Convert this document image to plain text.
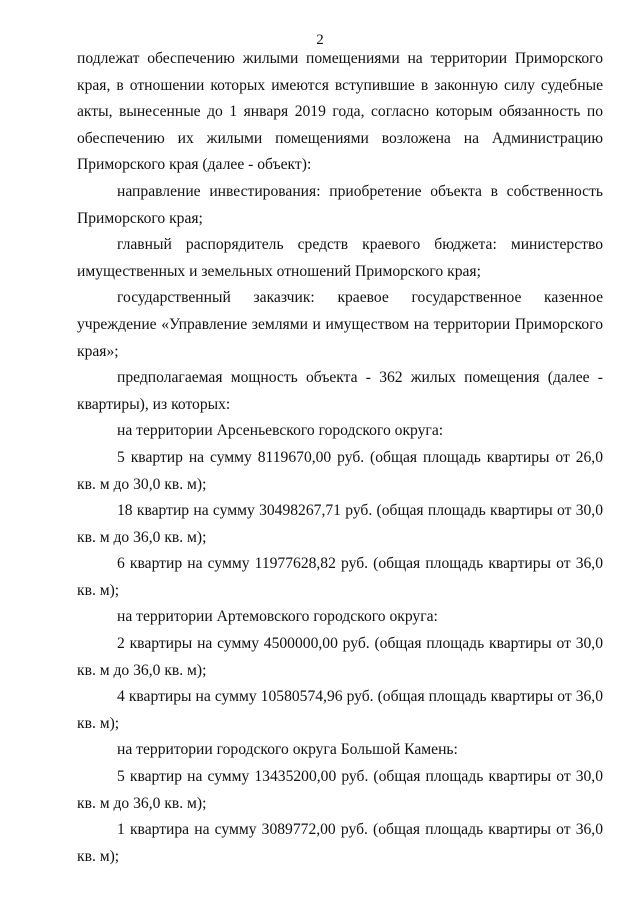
2

подлежат обеспечению жилыми помещениями на территории Приморского края, в отношении которых имеются вступившие в законную силу судебные акты, вынесенные до 1 января 2019 года, согласно которым обязанность по обеспечению их жилыми помещениями возложена на Администрацию Приморского края (далее - объект):

направление инвестирования: приобретение объекта в собственность Приморского края;

главный распорядитель средств краевого бюджета: министерство имущественных и земельных отношений Приморского края;

государственный заказчик: краевое государственное казенное учреждение «Управление землями и имуществом на территории Приморского края»;

предполагаемая мощность объекта - 362 жилых помещения (далее - квартиры), из которых:

на территории Арсеньевского городского округа:

5 квартир на сумму 8119670,00 руб. (общая площадь квартиры от 26,0 кв. м до 30,0 кв. м);

18 квартир на сумму 30498267,71 руб. (общая площадь квартиры от 30,0 кв. м до 36,0 кв. м);

6 квартир на сумму 11977628,82 руб. (общая площадь квартиры от 36,0 кв. м);

на территории Артемовского городского округа:

2 квартиры на сумму 4500000,00 руб. (общая площадь квартиры от 30,0 кв. м до 36,0 кв. м);

4 квартиры на сумму 10580574,96 руб. (общая площадь квартиры от 36,0 кв. м);

на территории городского округа Большой Камень:

5 квартир на сумму 13435200,00 руб. (общая площадь квартиры от 30,0 кв. м до 36,0 кв. м);

1 квартира на сумму 3089772,00 руб. (общая площадь квартиры от 36,0 кв. м);
